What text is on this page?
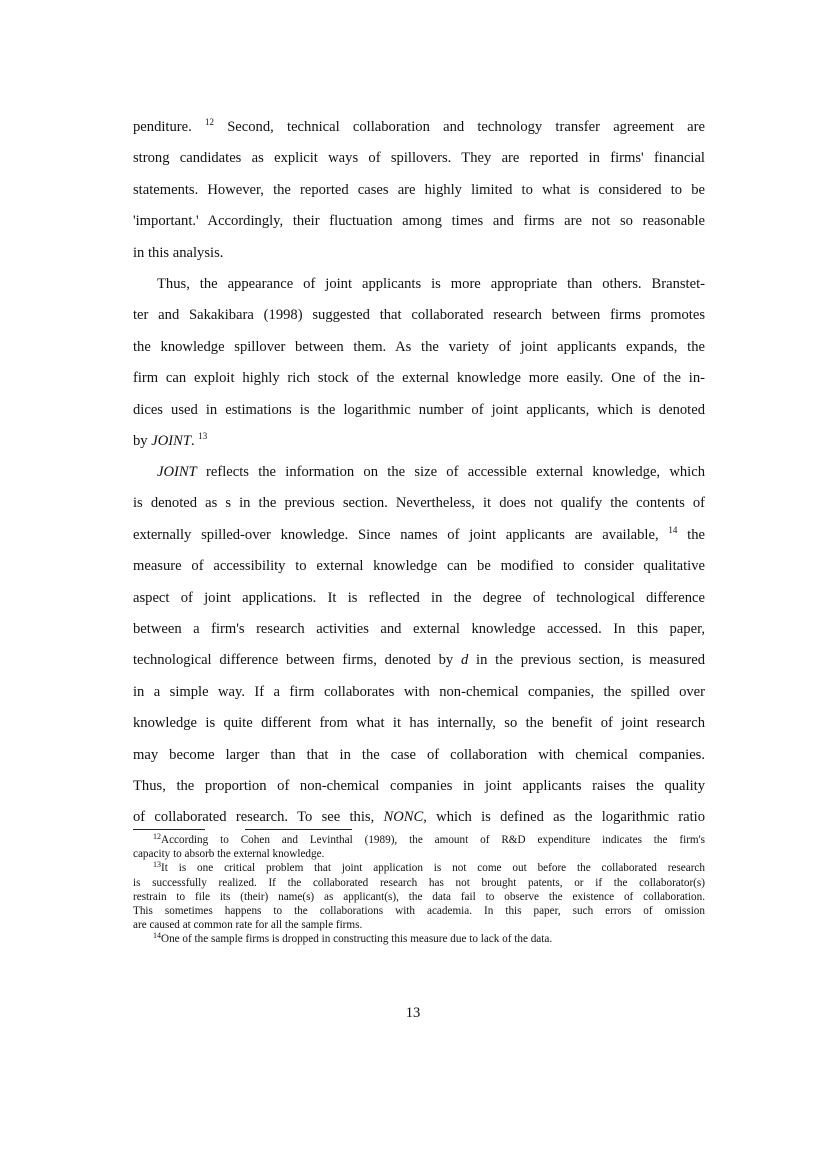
penditure. $^{12}$ Second, technical collaboration and technology transfer agreement are
strong candidates as explicit ways of spillovers. They are reported in firms' financial
statements. However, the reported cases are highly limited to what is considered to be
'important.' Accordingly, their fluctuation among times and firms are not so reasonable
in this analysis.
Thus, the appearance of joint applicants is more appropriate than others. Branstet-
ter and Sakakibara (1998) suggested that collaborated research between firms promotes
the knowledge spillover between them. As the variety of joint applicants expands, the
firm can exploit highly rich stock of the external knowledge more easily. One of the in-
dices used in estimations is the logarithmic number of joint applicants, which is denoted
by JOINT. $^{13}$
JOINT reflects the information on the size of accessible external knowledge, which
is denoted as s in the previous section. Nevertheless, it does not qualify the contents of
externally spilled-over knowledge. Since names of joint applicants are available, $^{14}$ the
measure of accessibility to external knowledge can be modified to consider qualitative
aspect of joint applications. It is reflected in the degree of technological difference
between a firm's research activities and external knowledge accessed. In this paper,
technological difference between firms, denoted by d in the previous section, is measured
in a simple way. If a firm collaborates with non-chemical companies, the spilled over
knowledge is quite different from what it has internally, so the benefit of joint research
may become larger than that in the case of collaboration with chemical companies.
Thus, the proportion of non-chemical companies in joint applicants raises the quality
of collaborated research. To see this, NONC, which is defined as the logarithmic ratio
$^{12}$According to Cohen and Levinthal (1989), the amount of R&D expenditure indicates the firm's
capacity to absorb the external knowledge.
$^{13}$It is one critical problem that joint application is not come out before the collaborated research
is successfully realized. If the collaborated research has not brought patents, or if the collaborator(s)
restrain to file its (their) name(s) as applicant(s), the data fail to observe the existence of collaboration.
This sometimes happens to the collaborations with academia. In this paper, such errors of omission
are caused at common rate for all the sample firms.
$^{14}$One of the sample firms is dropped in constructing this measure due to lack of the data.
13
